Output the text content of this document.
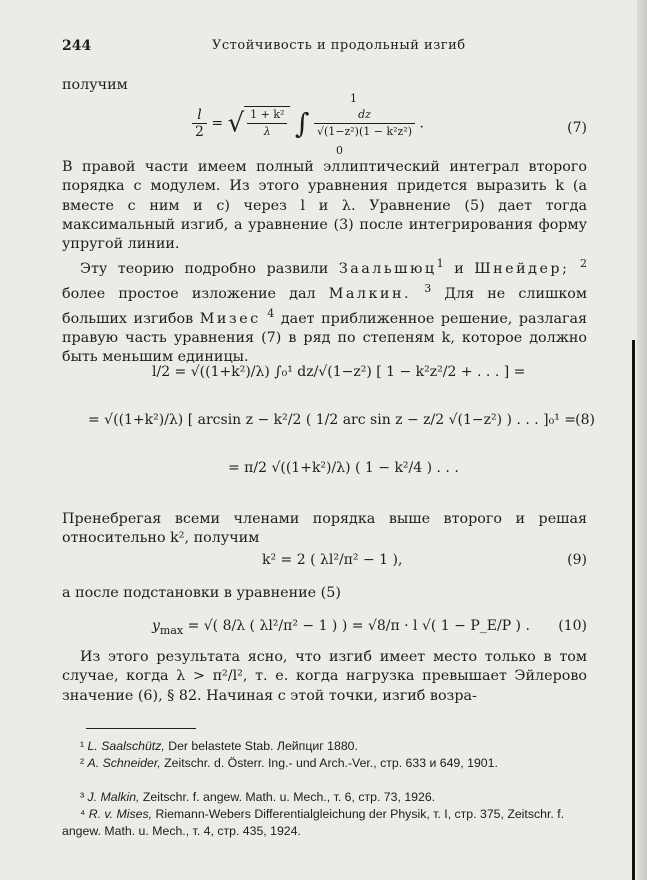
244	Устойчивость и продольный изгиб

получим

$\frac{l}{2}$ = √ $\frac{\text{1 + k²}}{\lambda}$ ∫ $\frac{dz}{\text{√(1−z²)(1 − k²z²)}}$ .
1
0
(7)

В правой части имеем полный эллиптический интеграл второго порядка с модулем. Из этого уравнения придется выразить k (а вместе с ним и c) через l и λ. Уравнение (5) дает тогда максимальный изгиб, а уравнение (3) после интегрирования форму упругой линии.

Эту теорию подробно развили Заальшюц$^1$ и Шнейдер; $^2$ более простое изложение дал Малкин. $^3$ Для не слишком больших изгибов Мизес $^4$ дает приближенное решение, разлагая правую часть уравнения (7) в ряд по степеням k, которое должно быть меньшим единицы.

l/2 = √((1+k²)/λ) ∫₀¹ dz/√(1−z²) [ 1 − k²z²/2 + . . . ] =
= √((1+k²)/λ) [ arcsin z − k²/2 ( 1/2 arc sin z − z/2 √(1−z²) ) . . . ]₀¹ =
= π/2 √((1+k²)/λ) ( 1 − k²/4 ) . . .
(8)

Пренебрегая всеми членами порядка выше второго и решая относительно k², получим

k² = 2 ( λl²/π² − 1 ),	(9)

а после подстановки в уравнение (5)

$y_{max}$ = √( 8/λ ( λl²/π² − 1 ) ) = √8/π · l √( 1 − P_E/P ) . (10)

Из этого результата ясно, что изгиб имеет место только в том случае, когда λ > π²/l², т. е. когда нагрузка превышает Эйлерово значение (6), § 82. Начиная с этой точки, изгиб возра-

¹ L. Saalschütz, Der belastete Stab. Лейпциг 1880.

² A. Schneider, Zeitschr. d. Österr. Ing.- und Arch.-Ver., стр. 633 и 649, 1901.

³ J. Malkin, Zeitschr. f. angew. Math. u. Mech., т. 6, стр. 73, 1926.

⁴ R. v. Mises, Riemann-Webers Differentialgleichung der Physik, т. I, стр. 375, Zeitschr. f. angew. Math. u. Mech., т. 4, стр. 435, 1924.
